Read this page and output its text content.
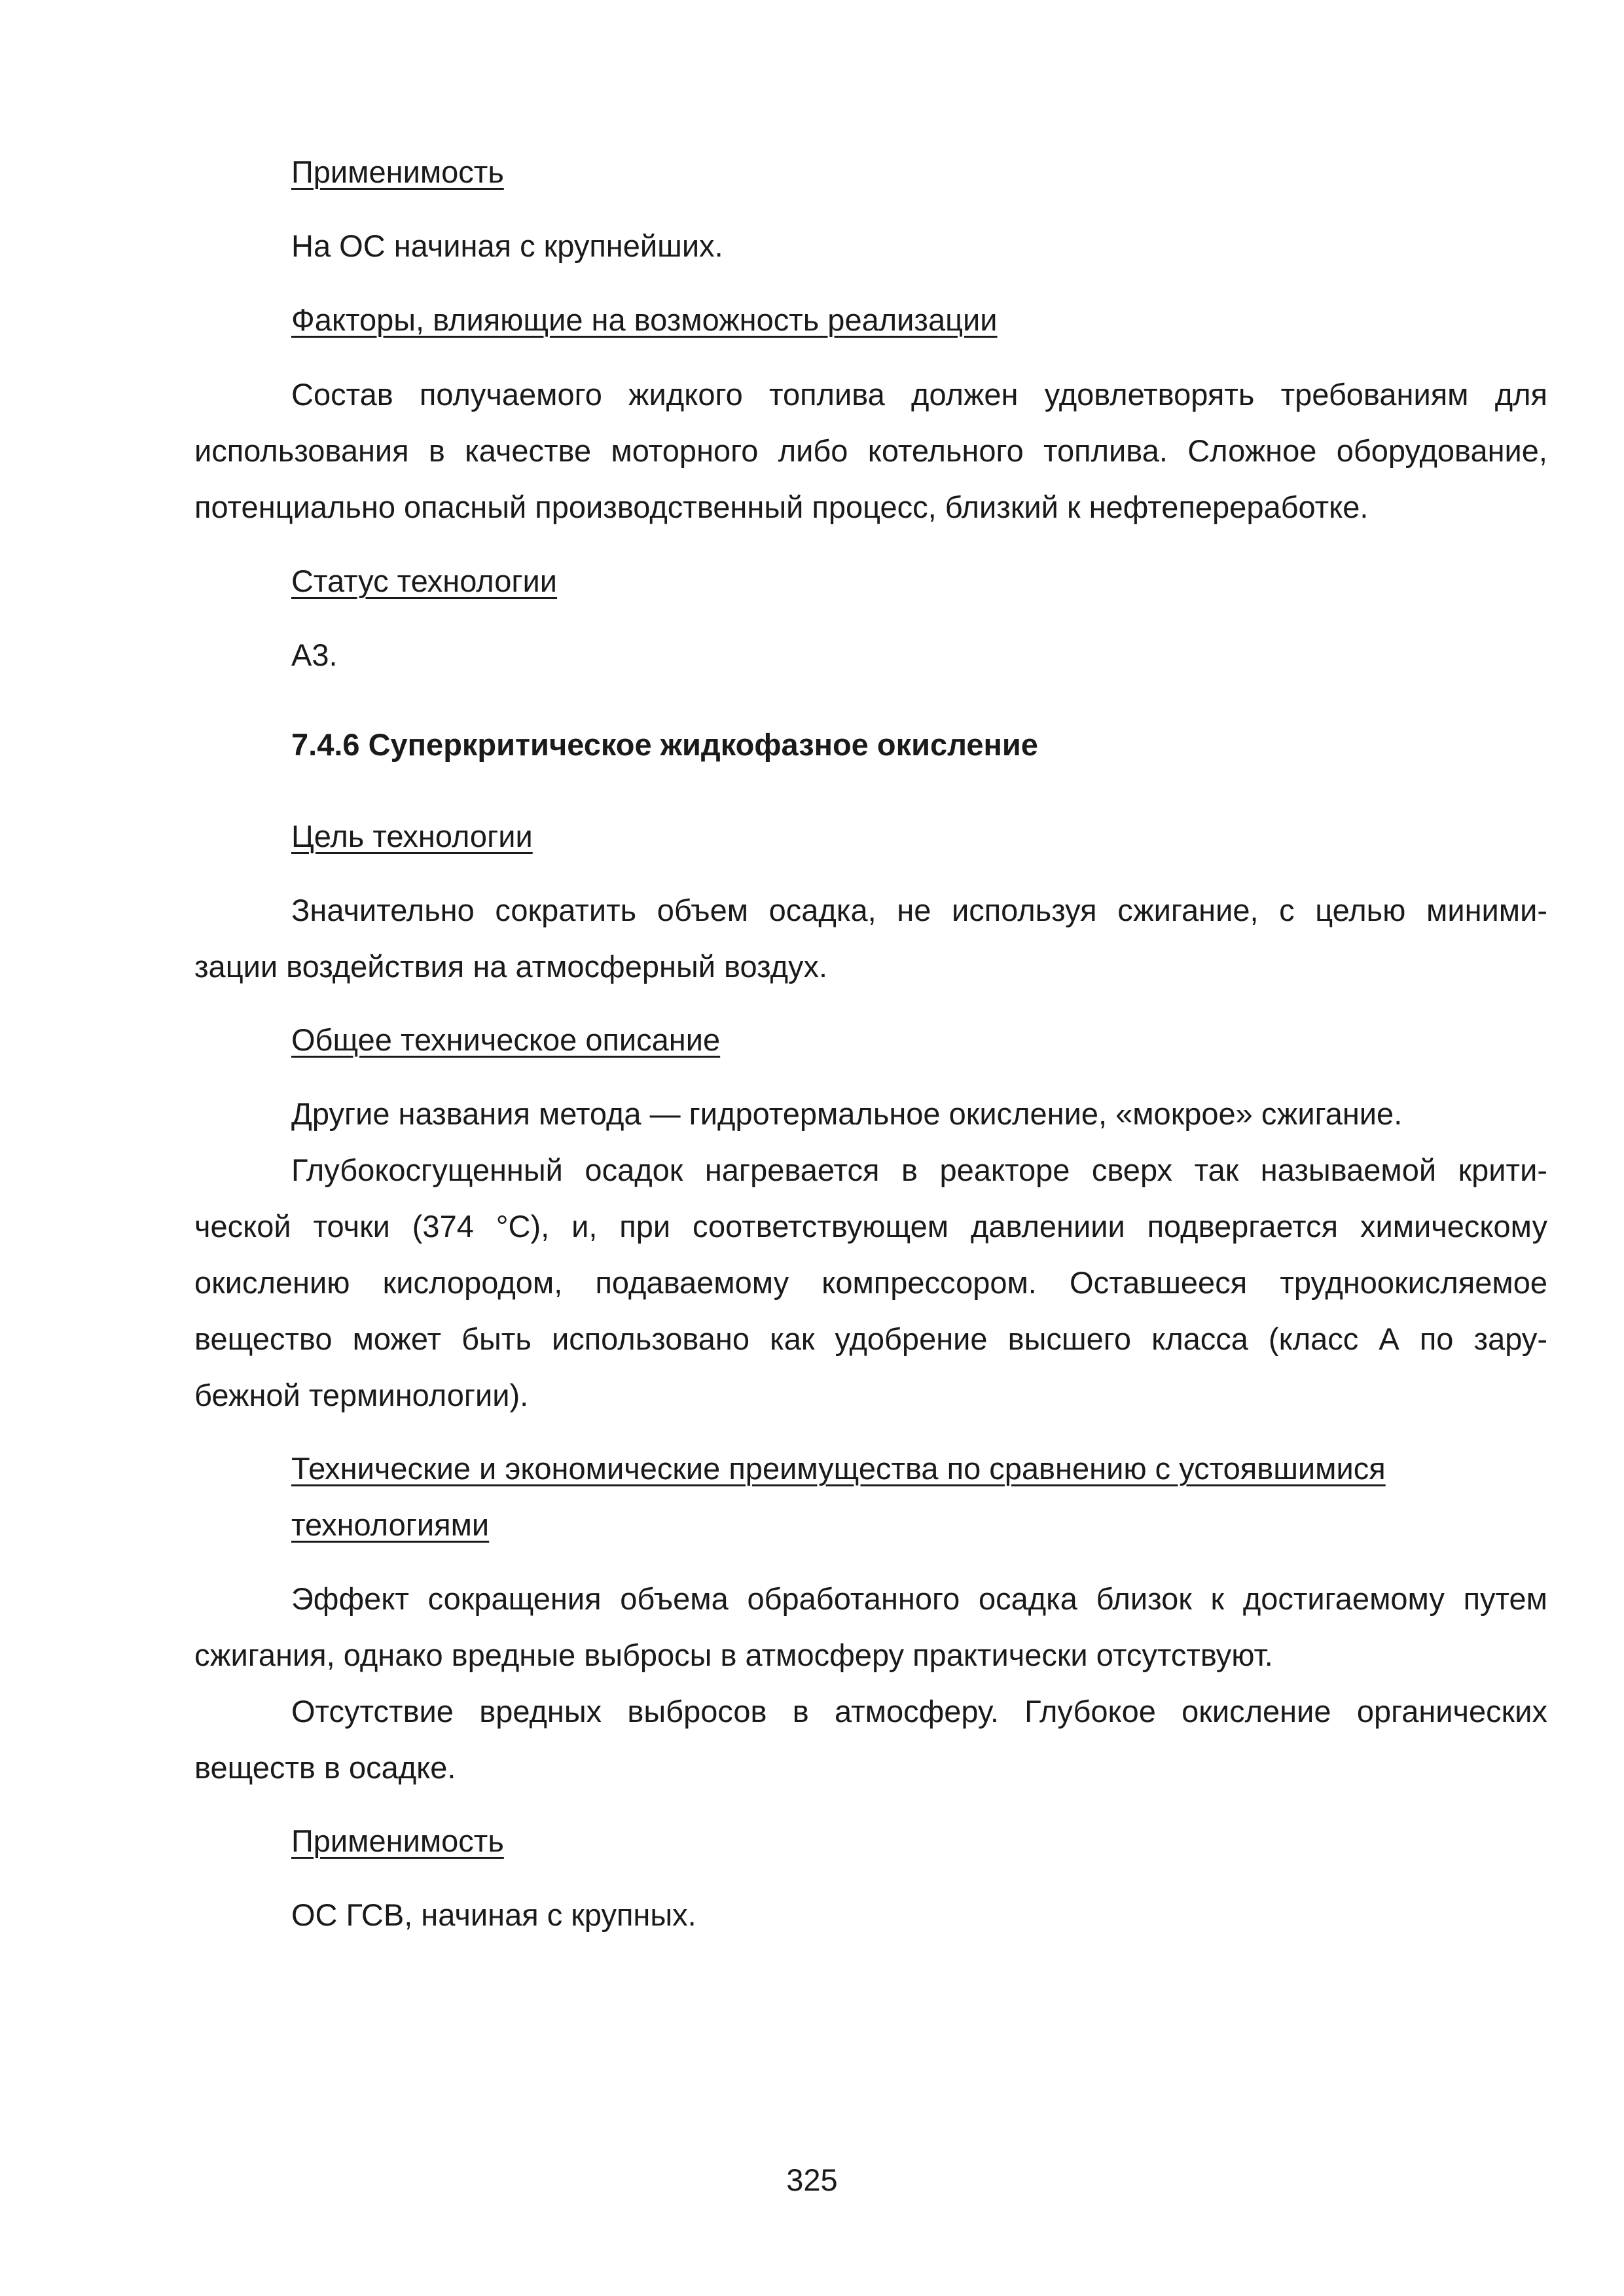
Применимость
На ОС начиная с крупнейших.
Факторы, влияющие на возможность реализации
Состав получаемого жидкого топлива должен удовлетворять требованиям для
использования в качестве моторного либо котельного топлива. Сложное оборудование,
потенциально опасный производственный процесс, близкий к нефтепереработке.
Статус технологии
А3.
7.4.6 Суперкритическое жидкофазное окисление
Цель технологии
Значительно сократить объем осадка, не используя сжигание, с целью миними-
зации воздействия на атмосферный воздух.
Общее техническое описание
Другие названия метода — гидротермальное окисление, «мокрое» сжигание.
Глубокосгущенный осадок нагревается в реакторе сверх так называемой крити-
ческой точки (374 °С), и, при соответствующем давлениии подвергается химическому
окислению кислородом, подаваемому компрессором. Оставшееся трудноокисляемое
вещество может быть использовано как удобрение высшего класса (класс А по зару-
бежной терминологии).
Технические и экономические преимущества по сравнению с устоявшимися
технологиями
Эффект сокращения объема обработанного осадка близок к достигаемому путем
сжигания, однако вредные выбросы в атмосферу практически отсутствуют.
Отсутствие вредных выбросов в атмосферу. Глубокое окисление органических
веществ в осадке.
Применимость
ОС ГСВ, начиная с крупных.
325
